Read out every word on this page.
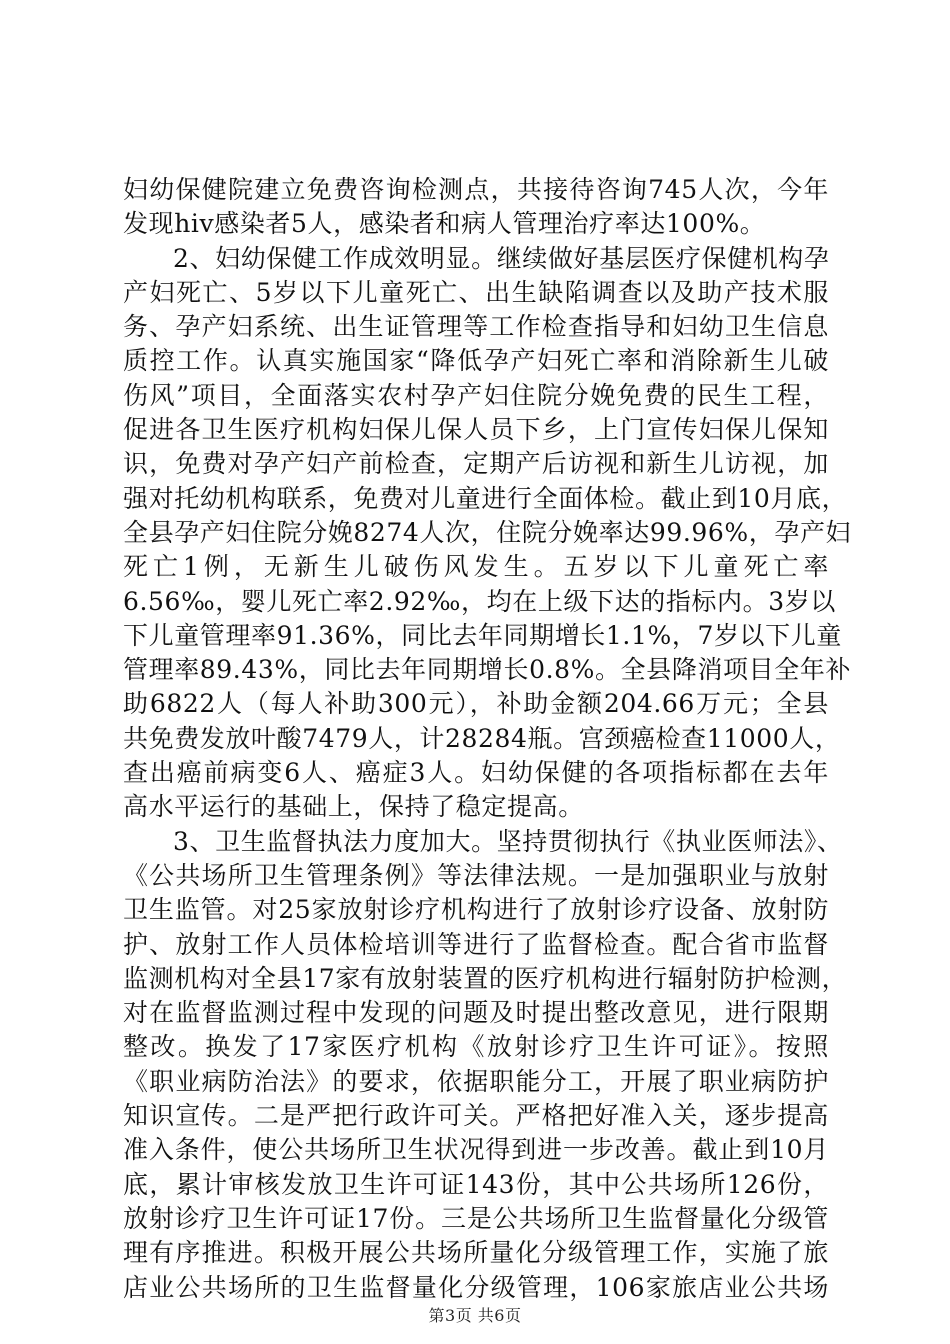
妇幼保健院建立免费咨询检测点，共接待咨询745人次，今年
发现hiv感染者5人，感染者和病人管理治疗率达100%。
2、妇幼保健工作成效明显。继续做好基层医疗保健机构孕
产妇死亡、5岁以下儿童死亡、出生缺陷调查以及助产技术服
务、孕产妇系统、出生证管理等工作检查指导和妇幼卫生信息
质控工作。认真实施国家“降低孕产妇死亡率和消除新生儿破
伤风”项目，全面落实农村孕产妇住院分娩免费的民生工程，
促进各卫生医疗机构妇保儿保人员下乡，上门宣传妇保儿保知
识，免费对孕产妇产前检查，定期产后访视和新生儿访视，加
强对托幼机构联系，免费对儿童进行全面体检。截止到10月底，
全县孕产妇住院分娩8274人次，住院分娩率达99.96%，孕产妇
死亡1例，无新生儿破伤风发生。五岁以下儿童死亡率
6.56‰，婴儿死亡率2.92‰，均在上级下达的指标内。3岁以
下儿童管理率91.36%，同比去年同期增长1.1%，7岁以下儿童
管理率89.43%，同比去年同期增长0.8%。全县降消项目全年补
助6822人（每人补助300元），补助金额204.66万元；全县
共免费发放叶酸7479人，计28284瓶。宫颈癌检查11000人，
查出癌前病变6人、癌症3人。妇幼保健的各项指标都在去年
高水平运行的基础上，保持了稳定提高。
3、卫生监督执法力度加大。坚持贯彻执行《执业医师法》、
《公共场所卫生管理条例》等法律法规。一是加强职业与放射
卫生监管。对25家放射诊疗机构进行了放射诊疗设备、放射防
护、放射工作人员体检培训等进行了监督检查。配合省市监督
监测机构对全县17家有放射装置的医疗机构进行辐射防护检测，
对在监督监测过程中发现的问题及时提出整改意见，进行限期
整改。换发了17家医疗机构《放射诊疗卫生许可证》。按照
《职业病防治法》的要求，依据职能分工，开展了职业病防护
知识宣传。二是严把行政许可关。严格把好准入关，逐步提高
准入条件，使公共场所卫生状况得到进一步改善。截止到10月
底，累计审核发放卫生许可证143份，其中公共场所126份，
放射诊疗卫生许可证17份。三是公共场所卫生监督量化分级管
理有序推进。积极开展公共场所量化分级管理工作，实施了旅
店业公共场所的卫生监督量化分级管理，106家旅店业公共场
第3页 共6页
